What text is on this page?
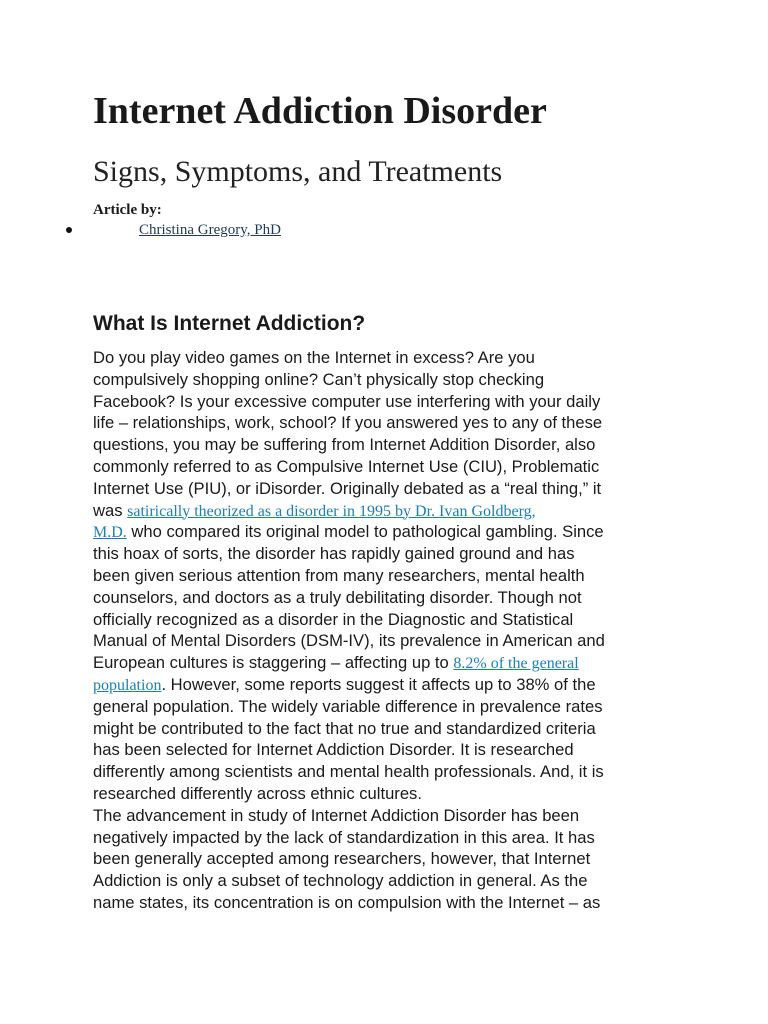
Internet Addiction Disorder
Signs, Symptoms, and Treatments
Article by:
Christina Gregory, PhD
What Is Internet Addiction?
Do you play video games on the Internet in excess? Are you
compulsively shopping online? Can’t physically stop checking
Facebook? Is your excessive computer use interfering with your daily
life – relationships, work, school? If you answered yes to any of these
questions, you may be suffering from Internet Addition Disorder, also
commonly referred to as Compulsive Internet Use (CIU), Problematic
Internet Use (PIU), or iDisorder. Originally debated as a “real thing,” it
was satirically theorized as a disorder in 1995 by Dr. Ivan Goldberg,
M.D. who compared its original model to pathological gambling. Since
this hoax of sorts, the disorder has rapidly gained ground and has
been given serious attention from many researchers, mental health
counselors, and doctors as a truly debilitating disorder. Though not
officially recognized as a disorder in the Diagnostic and Statistical
Manual of Mental Disorders (DSM-IV), its prevalence in American and
European cultures is staggering – affecting up to 8.2% of the general
population. However, some reports suggest it affects up to 38% of the
general population. The widely variable difference in prevalence rates
might be contributed to the fact that no true and standardized criteria
has been selected for Internet Addiction Disorder. It is researched
differently among scientists and mental health professionals. And, it is
researched differently across ethnic cultures.
The advancement in study of Internet Addiction Disorder has been
negatively impacted by the lack of standardization in this area. It has
been generally accepted among researchers, however, that Internet
Addiction is only a subset of technology addiction in general. As the
name states, its concentration is on compulsion with the Internet – as
